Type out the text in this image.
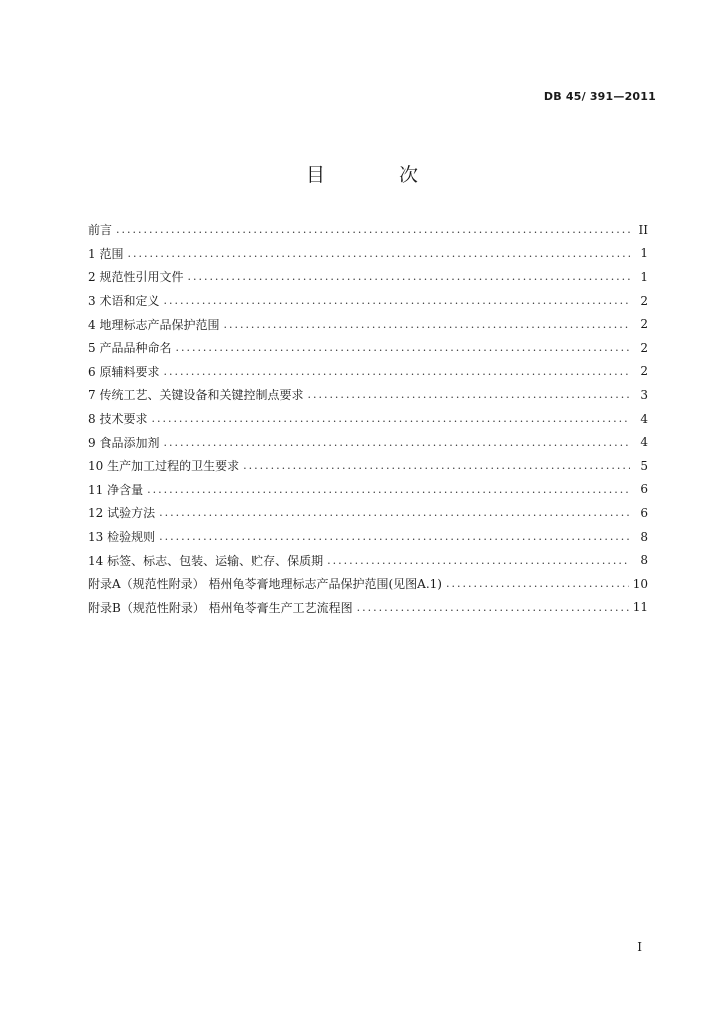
DB 45/ 391—2011
目 次
前言 .....	II
1 范围 .....	1
2 规范性引用文件 .....	1
3 术语和定义 .....	2
4 地理标志产品保护范围 .....	2
5 产品品种命名 .....	2
6 原辅料要求 .....	2
7 传统工艺、关键设备和关键控制点要求 .....	3
8 技术要求 .....	4
9 食品添加剂 .....	4
10 生产加工过程的卫生要求 .....	5
11 净含量 .....	6
12 试验方法 .....	6
13 检验规则 .....	8
14 标签、标志、包装、运输、贮存、保质期 .....	8
附录A（规范性附录） 梧州龟苓膏地理标志产品保护范围(见图A.1) .....	10
附录B（规范性附录） 梧州龟苓膏生产工艺流程图 .....	11
I
